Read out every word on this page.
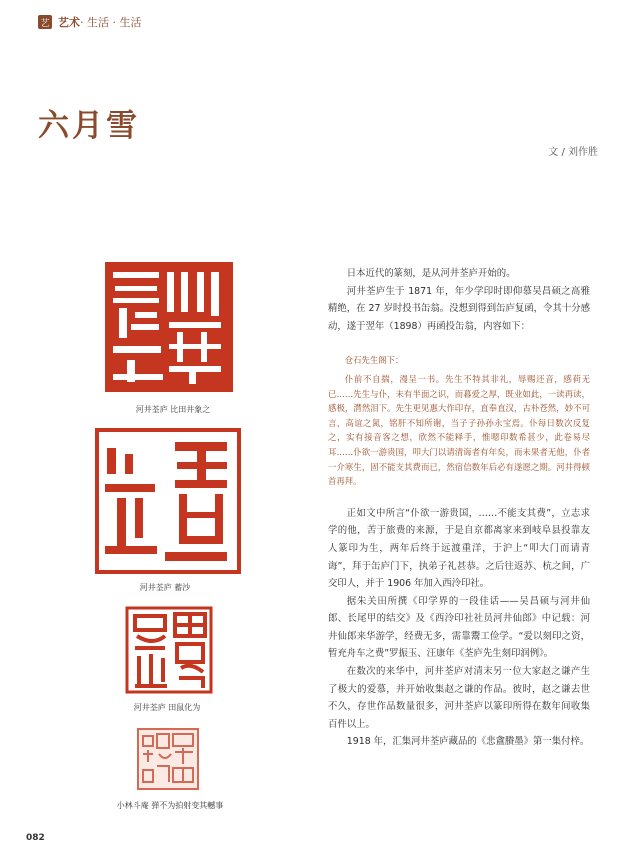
艺 艺术 · 生活 · 生活
六月雪
文 / 刘作胜
河井荃庐 比田井象之
河井荃庐 蓄沙
河井荃庐 田鼠化为
小林斗庵 弹不为拍射变其轗事

日本近代的篆刻，是从河井荃庐开始的。

河井荃庐生于 1871 年，年少学印时即仰慕吴昌硕之高雅精绝，在 27 岁时投书缶翁。没想到得到缶庐复函，令其十分感动，遂于翌年（1898）再函投缶翁，内容如下：

仓石先生阁下：

仆前不自揣，漫呈一书。先生不特其非礼，辱赐还音，感荷无已……先生与仆，未有半面之识，而暮爱之厚，既业如此，一读再读，感极，潸然泪下。先生更见惠大作印存，直奉直汉，古朴苍然，妙不可言，高谊之氮，铭肝不知所谢，当子子孙孙永宝焉。仆每日数次反复之，实有接音客之想，欣然不能释手，惟嗯印数希甚少，此卷易尽耳……仆欲一游贵国，叩大门以请清诲者有年矣，而未果者无他，仆者一介寒生，固不能支其费而已，然宿信数年后必有遂愿之期。河井得顿首再拜。

正如文中所言“仆欲一游贵国，……不能支其费”，立志求学的他，苦于旅费的来源，于是自京都离家来到岐阜县投靠友人篆印为生，两年后终于远渡重洋，于沪上“叩大门而请青诲”，拜于缶庐门下，执弟子礼甚恭。之后往返苏、杭之间，广交印人，并于 1906 年加入西泠印社。

据朱关田所撰《印学界的一段佳话——吴昌硕与河井仙郎、长尾甲的结交》及《西泠印社社员河井仙郎》中记载：河井仙郎来华游学，经费无多，需靠鬻工俭学。“爱以刻印之资，暂充舟车之费”罗振玉、汪康年《荃庐先生刻印润例》。

在数次的来华中，河井荃庐对清末另一位大家赵之谦产生了极大的爱慕，并开始收集赵之谦的作品。彼时，赵之谦去世不久，存世作品数量很多，河井荃庐以篆印所得在数年间收集百件以上。

1918 年，汇集河井荃庐藏品的《悲盦賸墨》第一集付梓。

082
